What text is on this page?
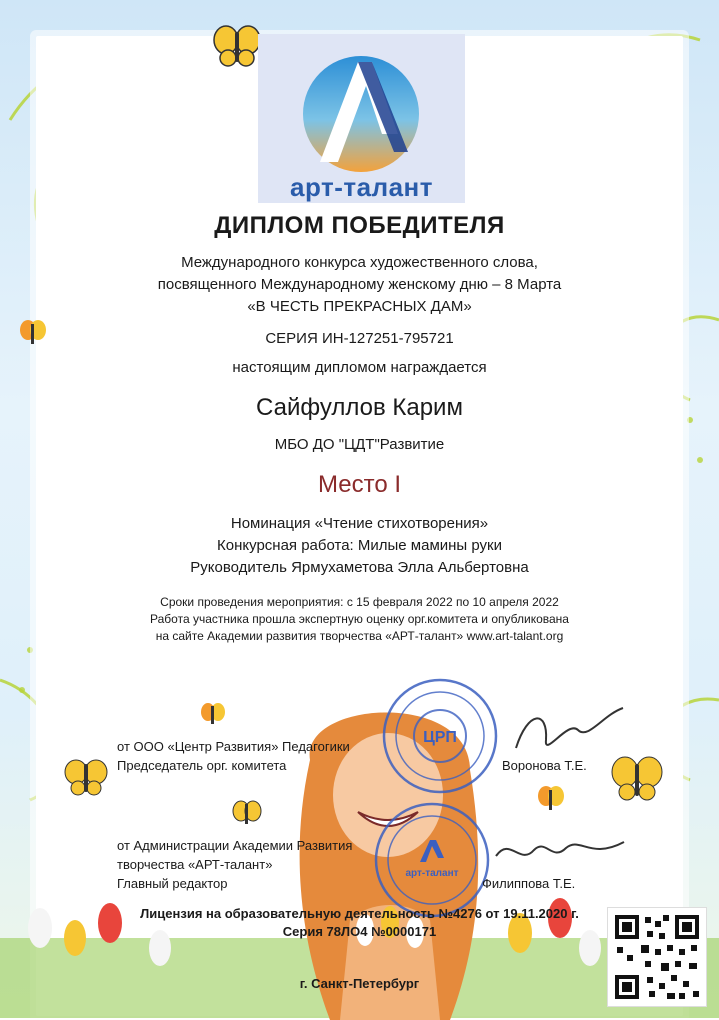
арт-талант
ДИПЛОМ ПОБЕДИТЕЛЯ
Международного конкурса художественного слова,
посвященного Международному женскому дню – 8 Марта
«В ЧЕСТЬ ПРЕКРАСНЫХ ДАМ»
СЕРИЯ ИН-127251-795721
настоящим дипломом награждается
Сайфуллов Карим
МБО ДО "ЦДТ"Развитие
Место I
Номинация «Чтение стихотворения»
Конкурсная работа: Милые мамины руки
Руководитель Ярмухаметова Элла Альбертовна
Сроки проведения мероприятия: с 15 февраля 2022 по 10 апреля 2022
Работа участника прошла экспертную оценку орг.комитета и опубликована
на сайте Академии развития творчества «АРТ-талант» www.art-talant.org
ЦРП
от ООО «Центр Развития» Педагогики
Председатель орг. комитета	Воронова Т.Е.
арт-талант
от Администрации Академии Развития
творчества «АРТ-талант»
Главный редактор	Филиппова Т.Е.
Лицензия на образовательную деятельность №4276 от 19.11.2020 г.
Серия 78ЛО4 №0000171
г. Санкт-Петербург
